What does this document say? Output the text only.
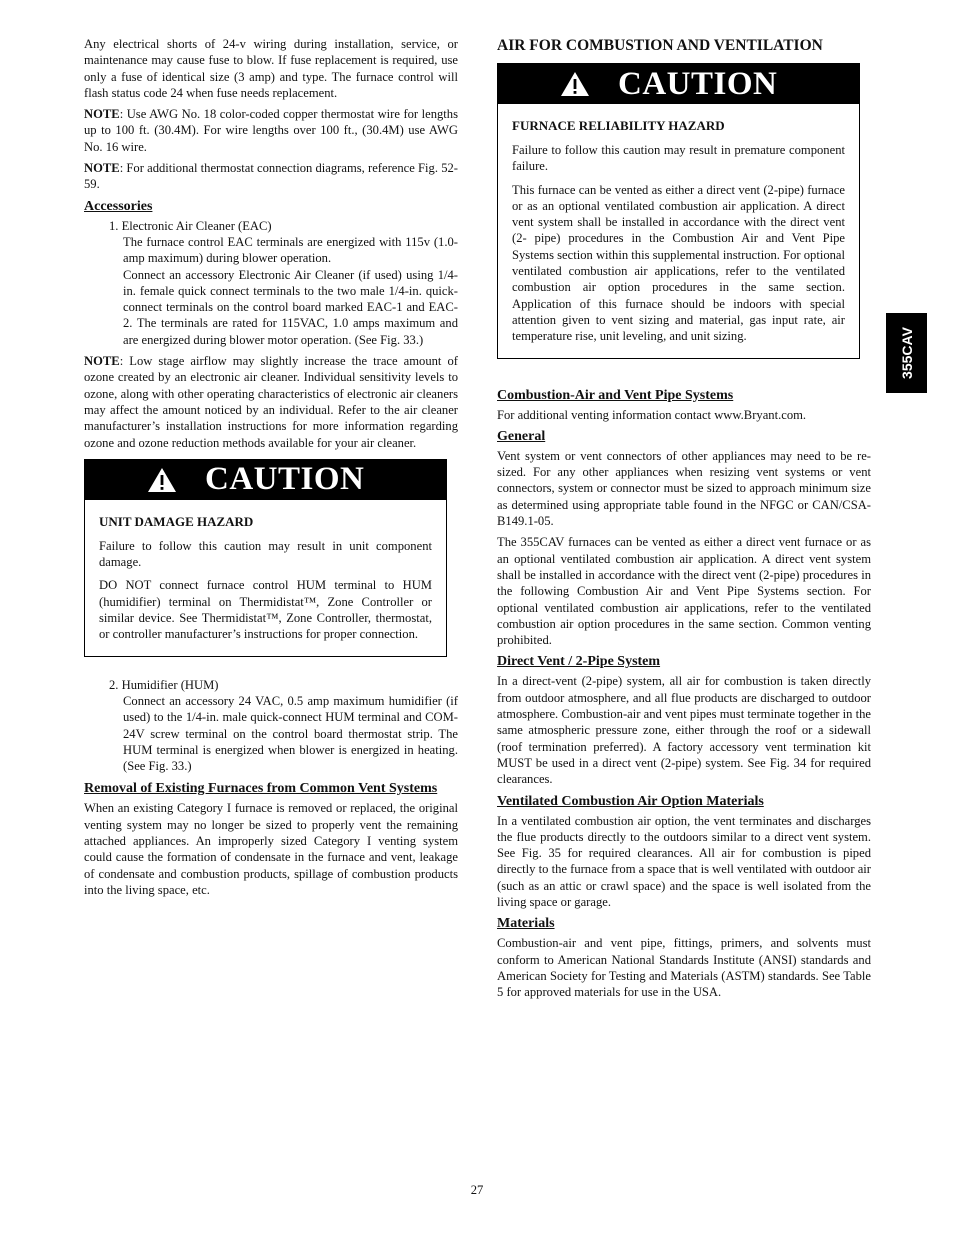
Any electrical shorts of 24-v wiring during installation, service, or maintenance may cause fuse to blow. If fuse replacement is required, use only a fuse of identical size (3 amp) and type. The furnace control will flash status code 24 when fuse needs replacement.

NOTE: Use AWG No. 18 color-coded copper thermostat wire for lengths up to 100 ft. (30.4M). For wire lengths over 100 ft., (30.4M) use AWG No. 16 wire.

NOTE: For additional thermostat connection diagrams, reference Fig. 52-59.

Accessories
1. Electronic Air Cleaner (EAC)
The furnace control EAC terminals are energized with 115v (1.0-amp maximum) during blower operation.
Connect an accessory Electronic Air Cleaner (if used) using 1/4-in. female quick connect terminals to the two male 1/4-in. quick-connect terminals on the control board marked EAC-1 and EAC-2. The terminals are rated for 115VAC, 1.0 amps maximum and are energized during blower motor operation. (See Fig. 33.)

NOTE: Low stage airflow may slightly increase the trace amount of ozone created by an electronic air cleaner. Individual sensitivity levels to ozone, along with other operating characteristics of electronic air cleaners may affect the amount noticed by an individual. Refer to the air cleaner manufacturer’s installation instructions for more information regarding ozone and ozone reduction methods available for your air cleaner.

CAUTION
UNIT DAMAGE HAZARD

Failure to follow this caution may result in unit component damage.

DO NOT connect furnace control HUM terminal to HUM (humidifier) terminal on Thermidistat™, Zone Controller or similar device. See Thermidistat™, Zone Controller, thermostat, or controller manufacturer’s instructions for proper connection.

2. Humidifier (HUM)
Connect an accessory 24 VAC, 0.5 amp maximum humidifier (if used) to the 1/4-in. male quick-connect HUM terminal and COM-24V screw terminal on the control board thermostat strip. The HUM terminal is energized when blower is energized in heating. (See Fig. 33.)
Removal of Existing Furnaces from Common Vent Systems

When an existing Category I furnace is removed or replaced, the original venting system may no longer be sized to properly vent the remaining attached appliances. An improperly sized Category I venting system could cause the formation of condensate in the furnace and vent, leakage of condensate and combustion products, spillage of combustion products into the living space, etc.

AIR FOR COMBUSTION AND VENTILATION
CAUTION
FURNACE RELIABILITY HAZARD

Failure to follow this caution may result in premature component failure.

This furnace can be vented as either a direct vent (2-pipe) furnace or as an optional ventilated combustion air application. A direct vent system shall be installed in accordance with the direct vent (2- pipe) procedures in the Combustion Air and Vent Pipe Systems section within this supplemental instruction. For optional ventilated combustion air applications, refer to the ventilated combustion air option procedures in the same section. Application of this furnace should be indoors with special attention given to vent sizing and material, gas input rate, air temperature rise, unit leveling, and unit sizing.

Combustion-Air and Vent Pipe Systems

For additional venting information contact www.Bryant.com.

General

Vent system or vent connectors of other appliances may need to be re-sized. For any other appliances when resizing vent systems or vent connectors, system or connector must be sized to approach minimum size as determined using appropriate table found in the NFGC or CAN/CSA-B149.1-05.

The 355CAV furnaces can be vented as either a direct vent furnace or as an optional ventilated combustion air application. A direct vent system shall be installed in accordance with the direct vent (2-pipe) procedures in the following Combustion Air and Vent Pipe Systems section. For optional ventilated combustion air applications, refer to the ventilated combustion air option procedures in the same section. Common venting prohibited.

Direct Vent / 2-Pipe System

In a direct-vent (2-pipe) system, all air for combustion is taken directly from outdoor atmosphere, and all flue products are discharged to outdoor atmosphere. Combustion-air and vent pipes must terminate together in the same atmospheric pressure zone, either through the roof or a sidewall (roof termination preferred). A factory accessory vent termination kit MUST be used in a direct vent (2-pipe) system. See Fig. 34 for required clearances.

Ventilated Combustion Air Option Materials

In a ventilated combustion air option, the vent terminates and discharges the flue products directly to the outdoors similar to a direct vent system. See Fig. 35 for required clearances. All air for combustion is piped directly to the furnace from a space that is well ventilated with outdoor air (such as an attic or crawl space) and the space is well isolated from the living space or garage.

Materials

Combustion-air and vent pipe, fittings, primers, and solvents must conform to American National Standards Institute (ANSI) standards and American Society for Testing and Materials (ASTM) standards. See Table 5 for approved materials for use in the USA.

355CAV
27
